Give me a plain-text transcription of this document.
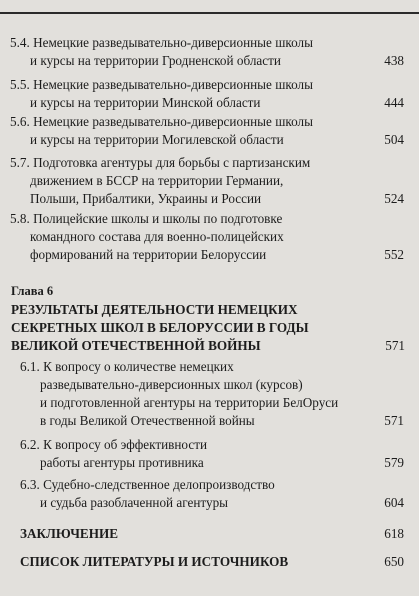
5.4. Немецкие разведывательно-диверсионные школы
и курсы на территории Гродненской области	438
5.5. Немецкие разведывательно-диверсионные школы
и курсы на территории Минской области	444
5.6. Немецкие разведывательно-диверсионные школы
и курсы на территории Могилевской области	504
5.7. Подготовка агентуры для борьбы с партизанским
движением в БССР на территории Германии,
Польши, Прибалтики, Украины и России	524
5.8. Полицейские школы и школы по подготовке
командного состава для военно-полицейских
формирований на территории Белоруссии	552
Глава 6
РЕЗУЛЬТАТЫ ДЕЯТЕЛЬНОСТИ НЕМЕЦКИХ
СЕКРЕТНЫХ ШКОЛ В БЕЛОРУССИИ В ГОДЫ
ВЕЛИКОЙ ОТЕЧЕСТВЕННОЙ ВОЙНЫ	571
6.1. К вопросу о количестве немецких
разведывательно-диверсионных школ (курсов)
и подготовленной агентуры на территории БелОруси
в годы Великой Отечественной войны	571
6.2. К вопросу об эффективности
работы агентуры противника	579
6.3. Судебно-следственное делопроизводство
и судьба разоблаченной агентуры	604
ЗАКЛЮЧЕНИЕ	618
СПИСОК ЛИТЕРАТУРЫ И ИСТОЧНИКОВ	650
